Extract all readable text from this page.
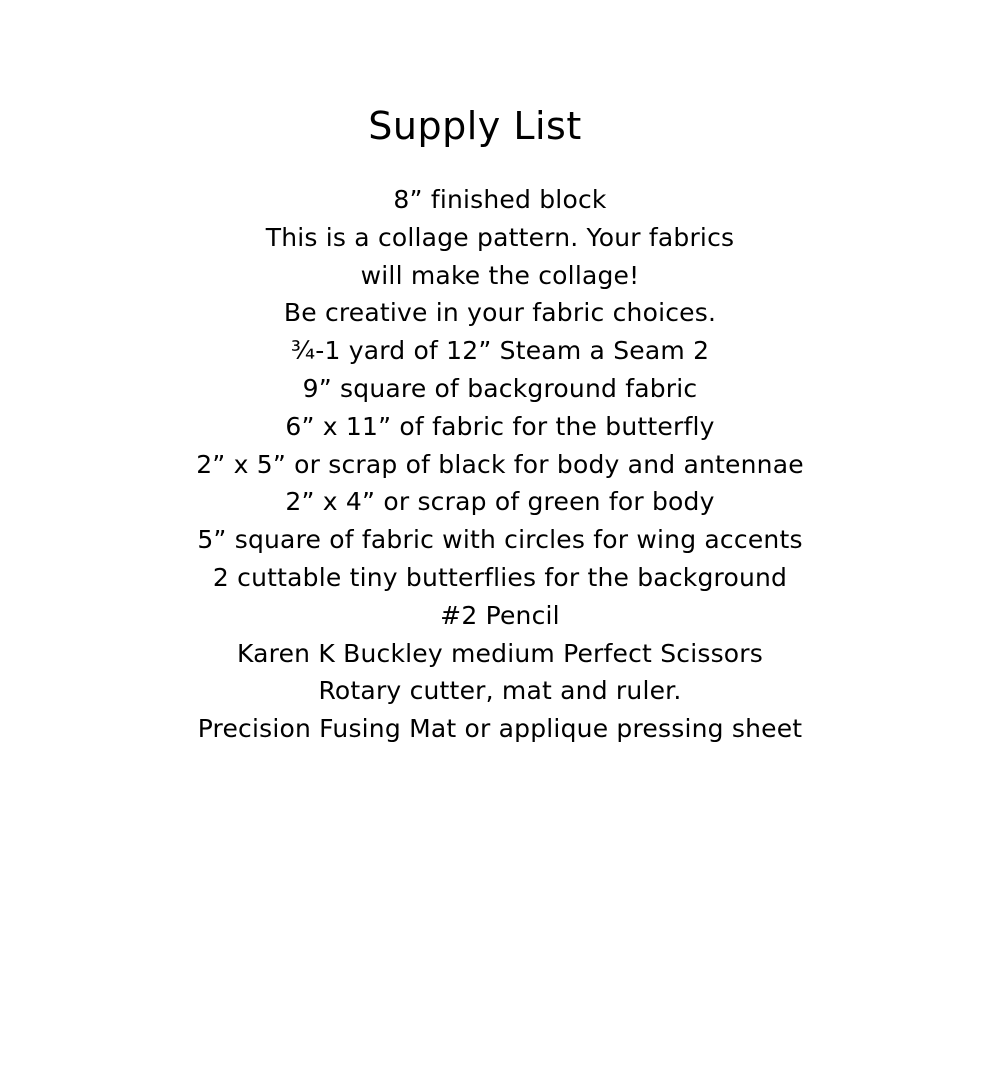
Supply List
8” finished block
This is a collage pattern. Your fabrics
will make the collage!
Be creative in your fabric choices.
¾-1 yard of 12” Steam a Seam 2
9” square of background fabric
6” x 11” of fabric for the butterfly
2” x 5” or scrap of black for body and antennae
2” x 4” or scrap of green for body
5” square of fabric with circles for wing accents
2 cuttable tiny butterflies for the background
#2 Pencil
Karen K Buckley medium Perfect Scissors
Rotary cutter, mat and ruler.
Precision Fusing Mat or applique pressing sheet
